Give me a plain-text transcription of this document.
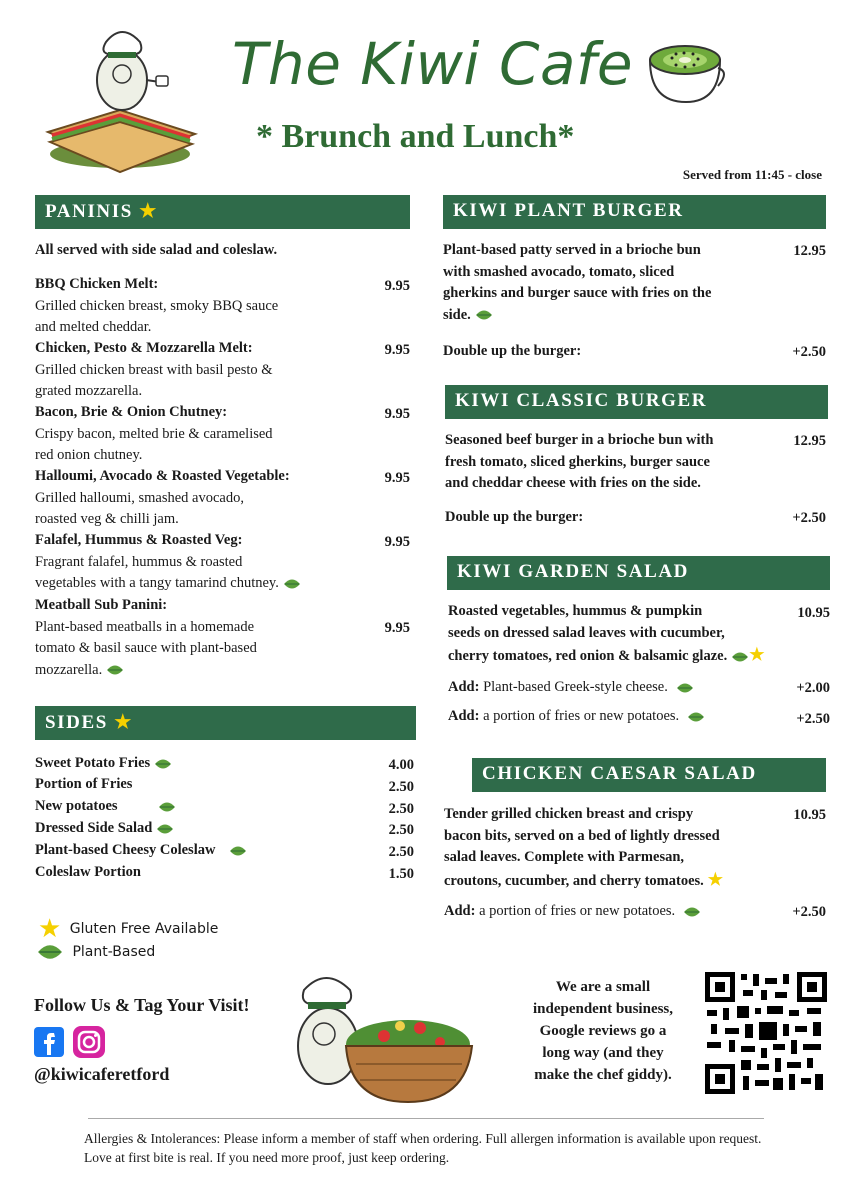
The Kiwi Cafe
* Brunch and Lunch*
Served from 11:45 - close
PANINIS ★
All served with side salad and coleslaw.
BBQ Chicken Melt:
Grilled chicken breast, smoky BBQ sauce
and melted cheddar.
9.95
Chicken, Pesto & Mozzarella Melt:
Grilled chicken breast with basil pesto &
grated mozzarella.
9.95
Bacon, Brie & Onion Chutney:
Crispy bacon, melted brie & caramelised
red onion chutney.
9.95
Halloumi, Avocado & Roasted Vegetable:
Grilled halloumi, smashed avocado,
roasted veg & chilli jam.
9.95
Falafel, Hummus & Roasted Veg:
Fragrant falafel, hummus & roasted
vegetables with a tangy tamarind chutney.
9.95
Meatball Sub Panini:
Plant-based meatballs in a homemade
tomato & basil sauce with plant-based
mozzarella.
9.95
SIDES ★
Sweet Potato Fries	4.00
Portion of Fries	2.50
New potatoes	2.50
Dressed Side Salad	2.50
Plant-based Cheesy Coleslaw	2.50
Coleslaw Portion	1.50
★ Gluten Free Available
Plant-Based
KIWI PLANT BURGER
Plant-based patty served in a brioche bun
with smashed avocado, tomato, sliced
gherkins and burger sauce with fries on the
side.
12.95
Double up the burger:	+2.50
KIWI CLASSIC BURGER
Seasoned beef burger in a brioche bun with
fresh tomato, sliced gherkins, burger sauce
and cheddar cheese with fries on the side.
12.95
Double up the burger:	+2.50
KIWI GARDEN SALAD
Roasted vegetables, hummus & pumpkin
seeds on dressed salad leaves with cucumber,
cherry tomatoes, red onion & balsamic glaze. ★
10.95
Add: Plant-based Greek-style cheese.	+2.00
Add: a portion of fries or new potatoes.	+2.50
CHICKEN CAESAR SALAD
Tender grilled chicken breast and crispy
bacon bits, served on a bed of lightly dressed
salad leaves. Complete with Parmesan,
croutons, cucumber, and cherry tomatoes. ★
10.95
Add: a portion of fries or new potatoes.	+2.50
Follow Us & Tag Your Visit!

@kiwicaferetford
We are a small
independent business,
Google reviews go a
long way (and they
make the chef giddy).
Allergies & Intolerances: Please inform a member of staff when ordering. Full allergen information is available upon request. Love at first bite is real. If you need more proof, just keep ordering.
